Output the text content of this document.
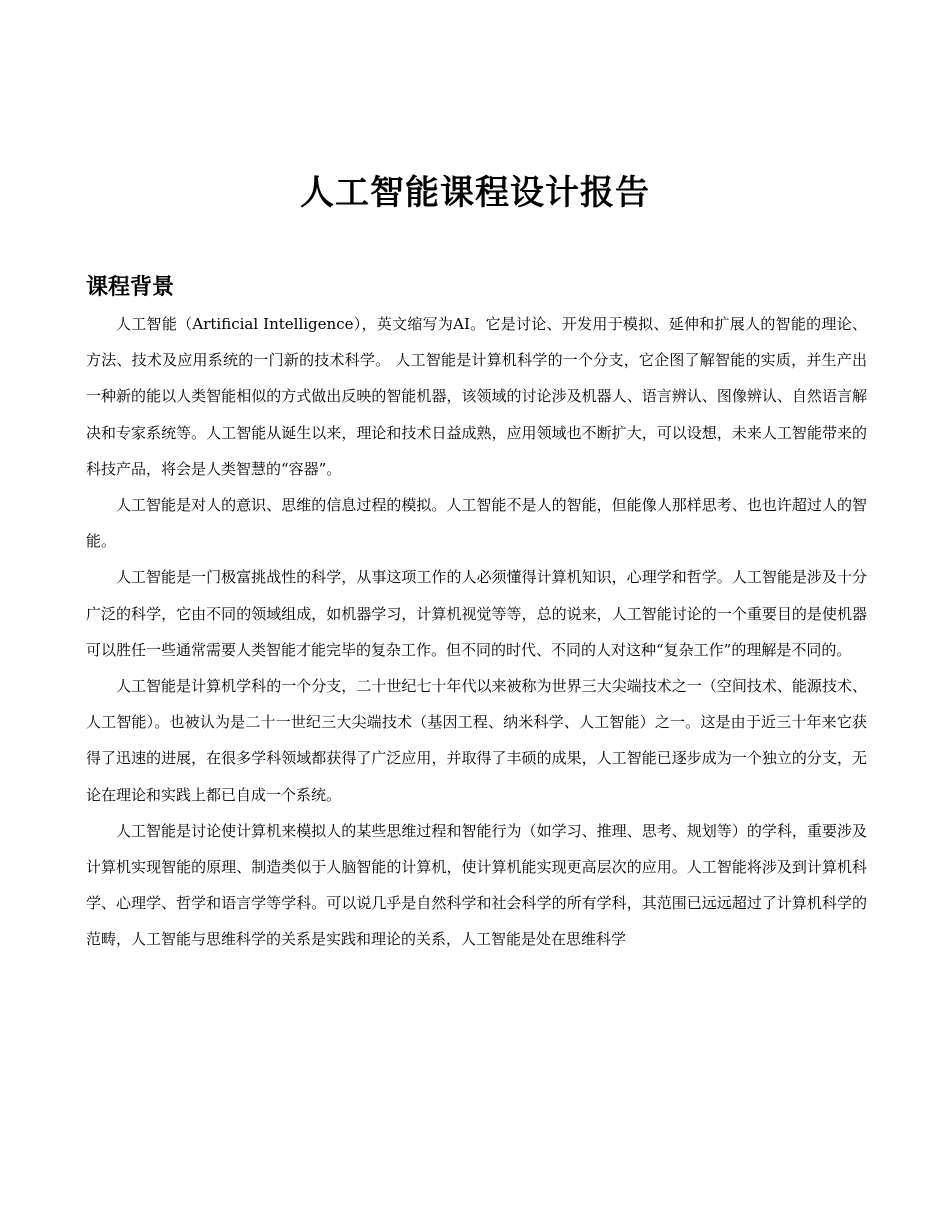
人工智能课程设计报告
课程背景

人工智能（Artificial Intelligence），英文缩写为AI。它是讨论、开发用于模拟、延伸和扩展人的智能的理论、方法、技术及应用系统的一门新的技术科学。 人工智能是计算机科学的一个分支，它企图了解智能的实质，并生产出一种新的能以人类智能相似的方式做出反映的智能机器，该领域的讨论涉及机器人、语言辨认、图像辨认、自然语言解决和专家系统等。人工智能从诞生以来，理论和技术日益成熟，应用领域也不断扩大，可以设想，未来人工智能带来的科技产品，将会是人类智慧的“容器”。

人工智能是对人的意识、思维的信息过程的模拟。人工智能不是人的智能，但能像人那样思考、也也许超过人的智能。

人工智能是一门极富挑战性的科学，从事这项工作的人必须懂得计算机知识，心理学和哲学。人工智能是涉及十分广泛的科学，它由不同的领域组成，如机器学习，计算机视觉等等，总的说来，人工智能讨论的一个重要目的是使机器可以胜任一些通常需要人类智能才能完毕的复杂工作。但不同的时代、不同的人对这种“复杂工作”的理解是不同的。

人工智能是计算机学科的一个分支，二十世纪七十年代以来被称为世界三大尖端技术之一（空间技术、能源技术、人工智能）。也被认为是二十一世纪三大尖端技术（基因工程、纳米科学、人工智能）之一。这是由于近三十年来它获得了迅速的进展，在很多学科领域都获得了广泛应用，并取得了丰硕的成果，人工智能已逐步成为一个独立的分支，无论在理论和实践上都已自成一个系统。

人工智能是讨论使计算机来模拟人的某些思维过程和智能行为（如学习、推理、思考、规划等）的学科，重要涉及计算机实现智能的原理、制造类似于人脑智能的计算机，使计算机能实现更高层次的应用。人工智能将涉及到计算机科学、心理学、哲学和语言学等学科。可以说几乎是自然科学和社会科学的所有学科，其范围已远远超过了计算机科学的范畴，人工智能与思维科学的关系是实践和理论的关系，人工智能是处在思维科学
